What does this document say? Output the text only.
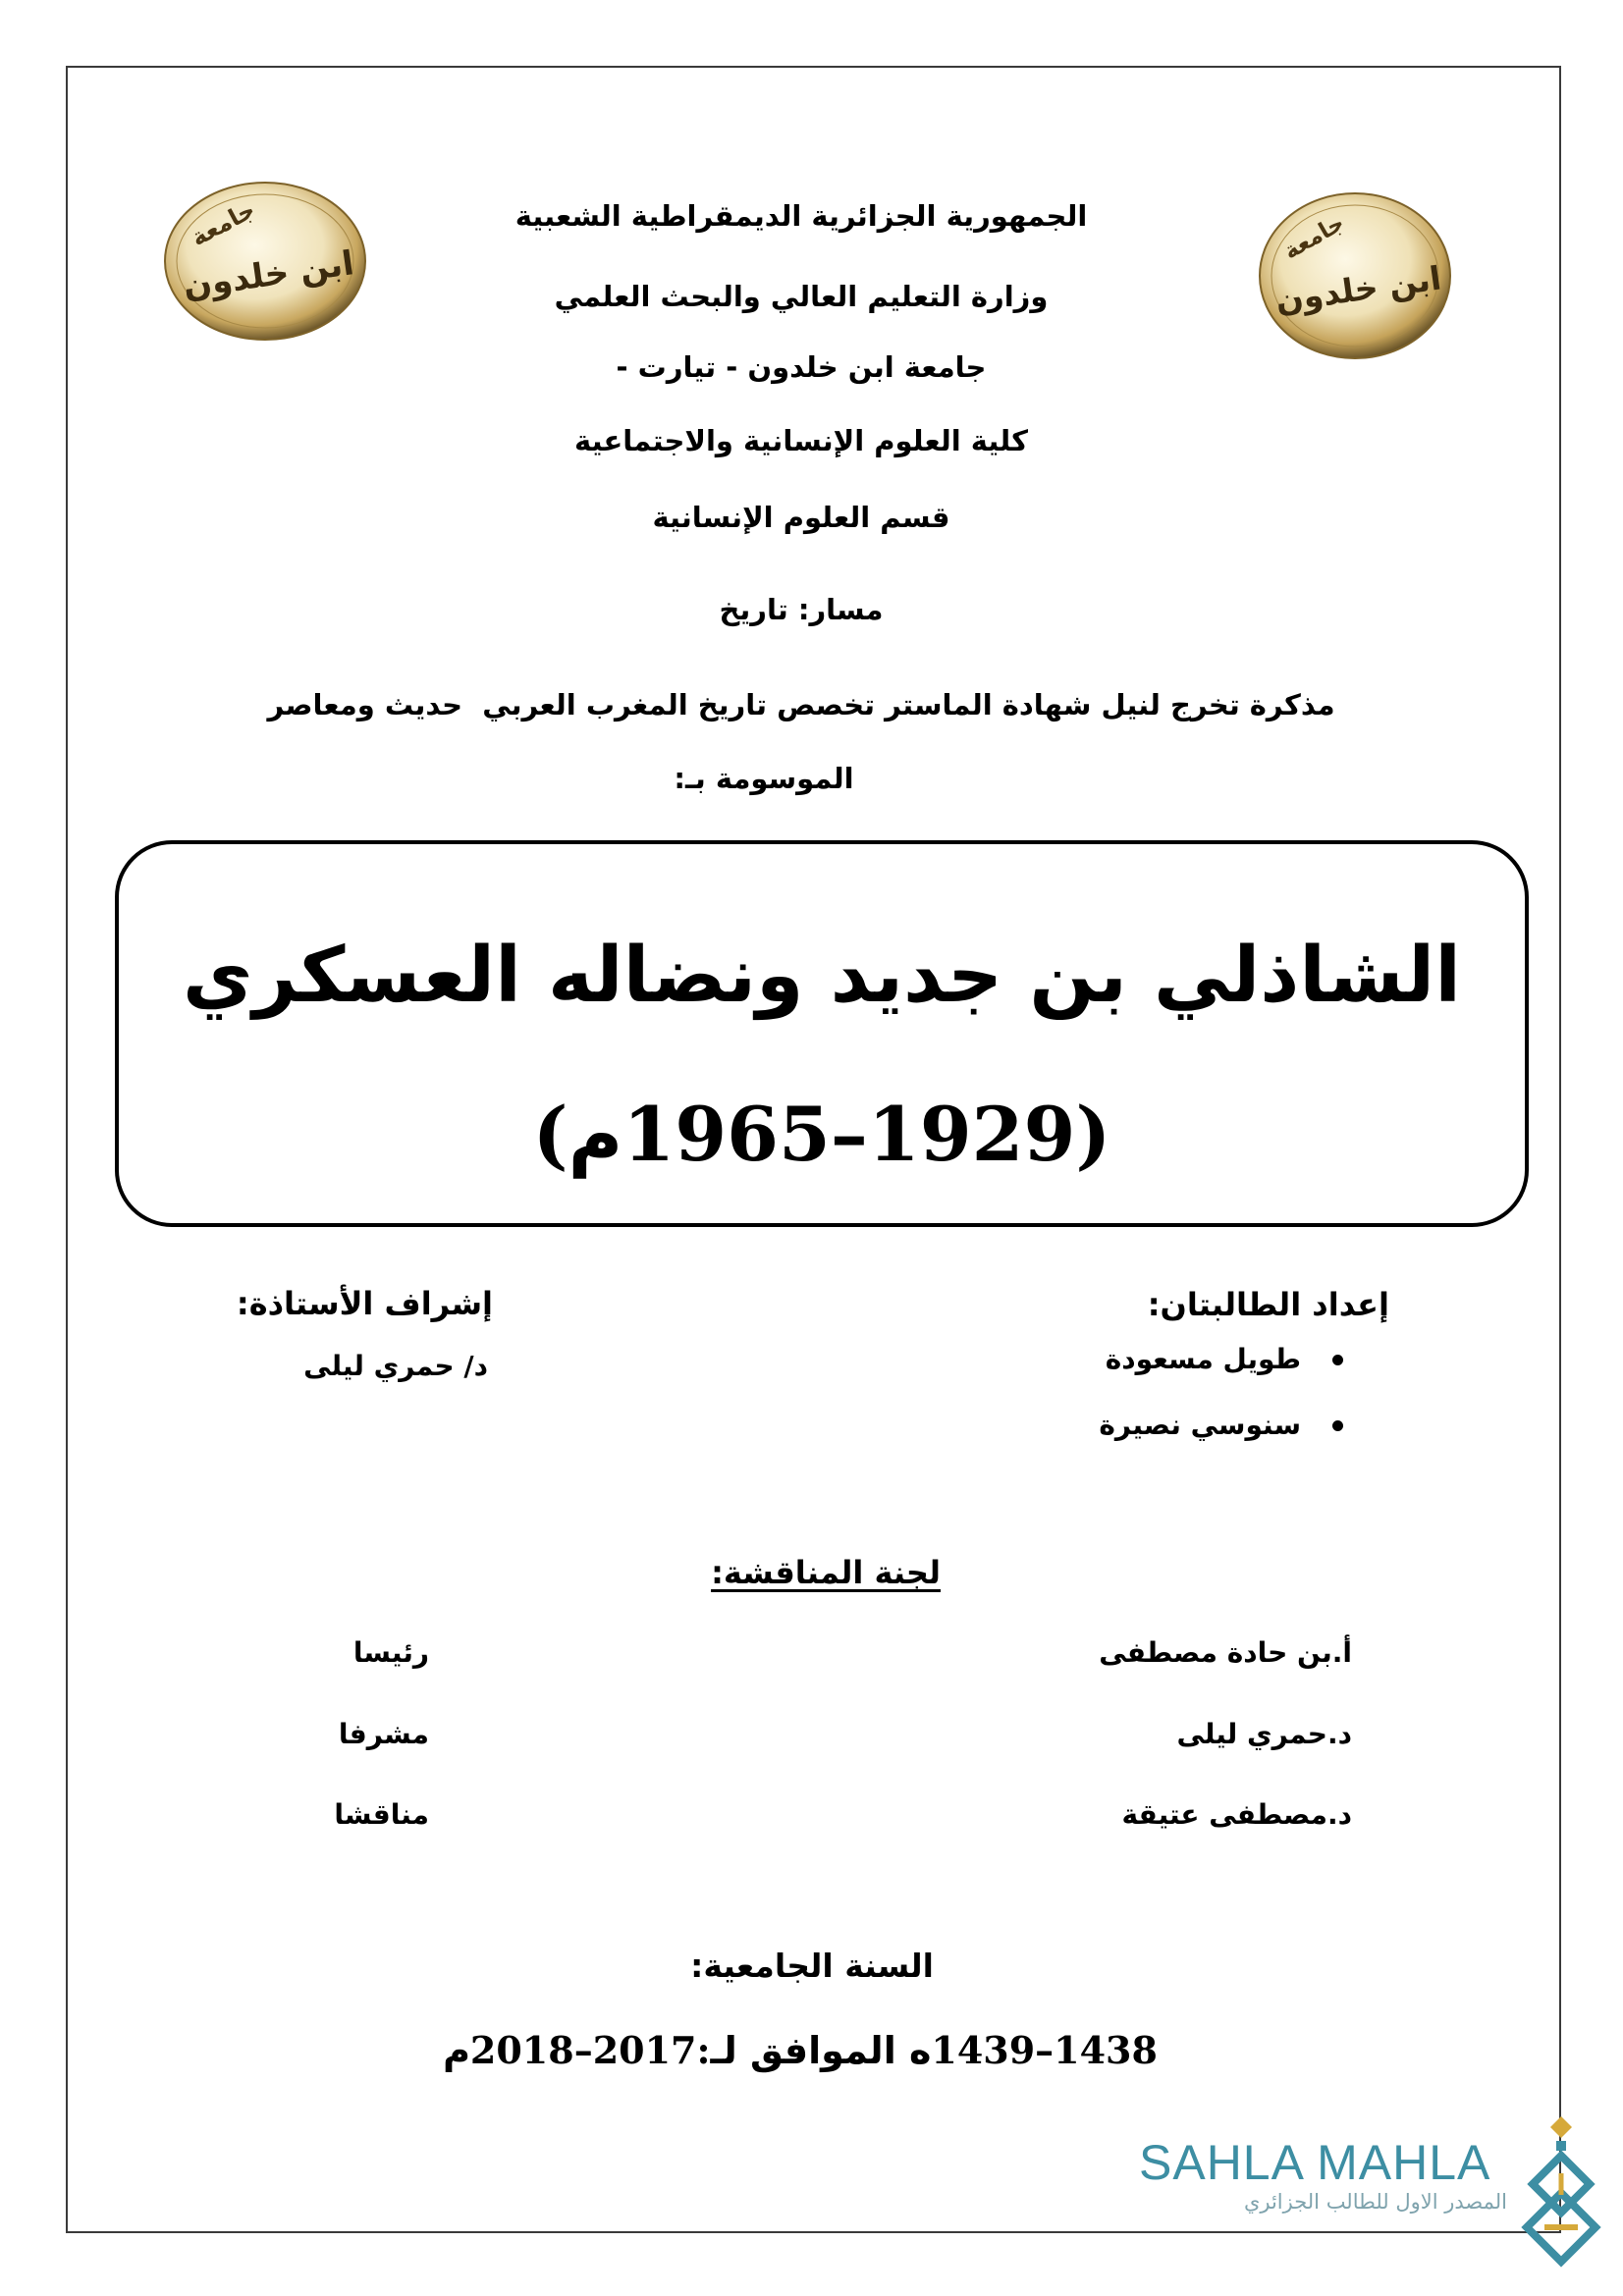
جامعة
ابن خلدون
جامعة
ابن خلدون
الجمهورية الجزائرية الديمقراطية الشعبية
وزارة التعليم العالي والبحث العلمي
جامعة ابن خلدون - تيارت -
كلية العلوم الإنسانية والاجتماعية
قسم العلوم الإنسانية
مسار: تاريخ
مذكرة تخرج لنيل شهادة الماستر تخصص تاريخ المغرب العربي  حديث ومعاصر
الموسومة بـ:
الشاذلي بن جديد ونضاله العسكري
(1929–1965م)
إعداد الطالبتان:
طويل مسعودة
سنوسي نصيرة
إشراف الأستاذة:
د/ حمري ليلى
لجنة المناقشة:
أ.بن حادة مصطفى
رئيسا
د.حمري ليلى
مشرفا
د.مصطفى عتيقة
مناقشا
السنة الجامعية:
1438–1439ه الموافق لـ:2017–2018م
SAHLA MAHLA
المصدر الاول للطالب الجزائري
